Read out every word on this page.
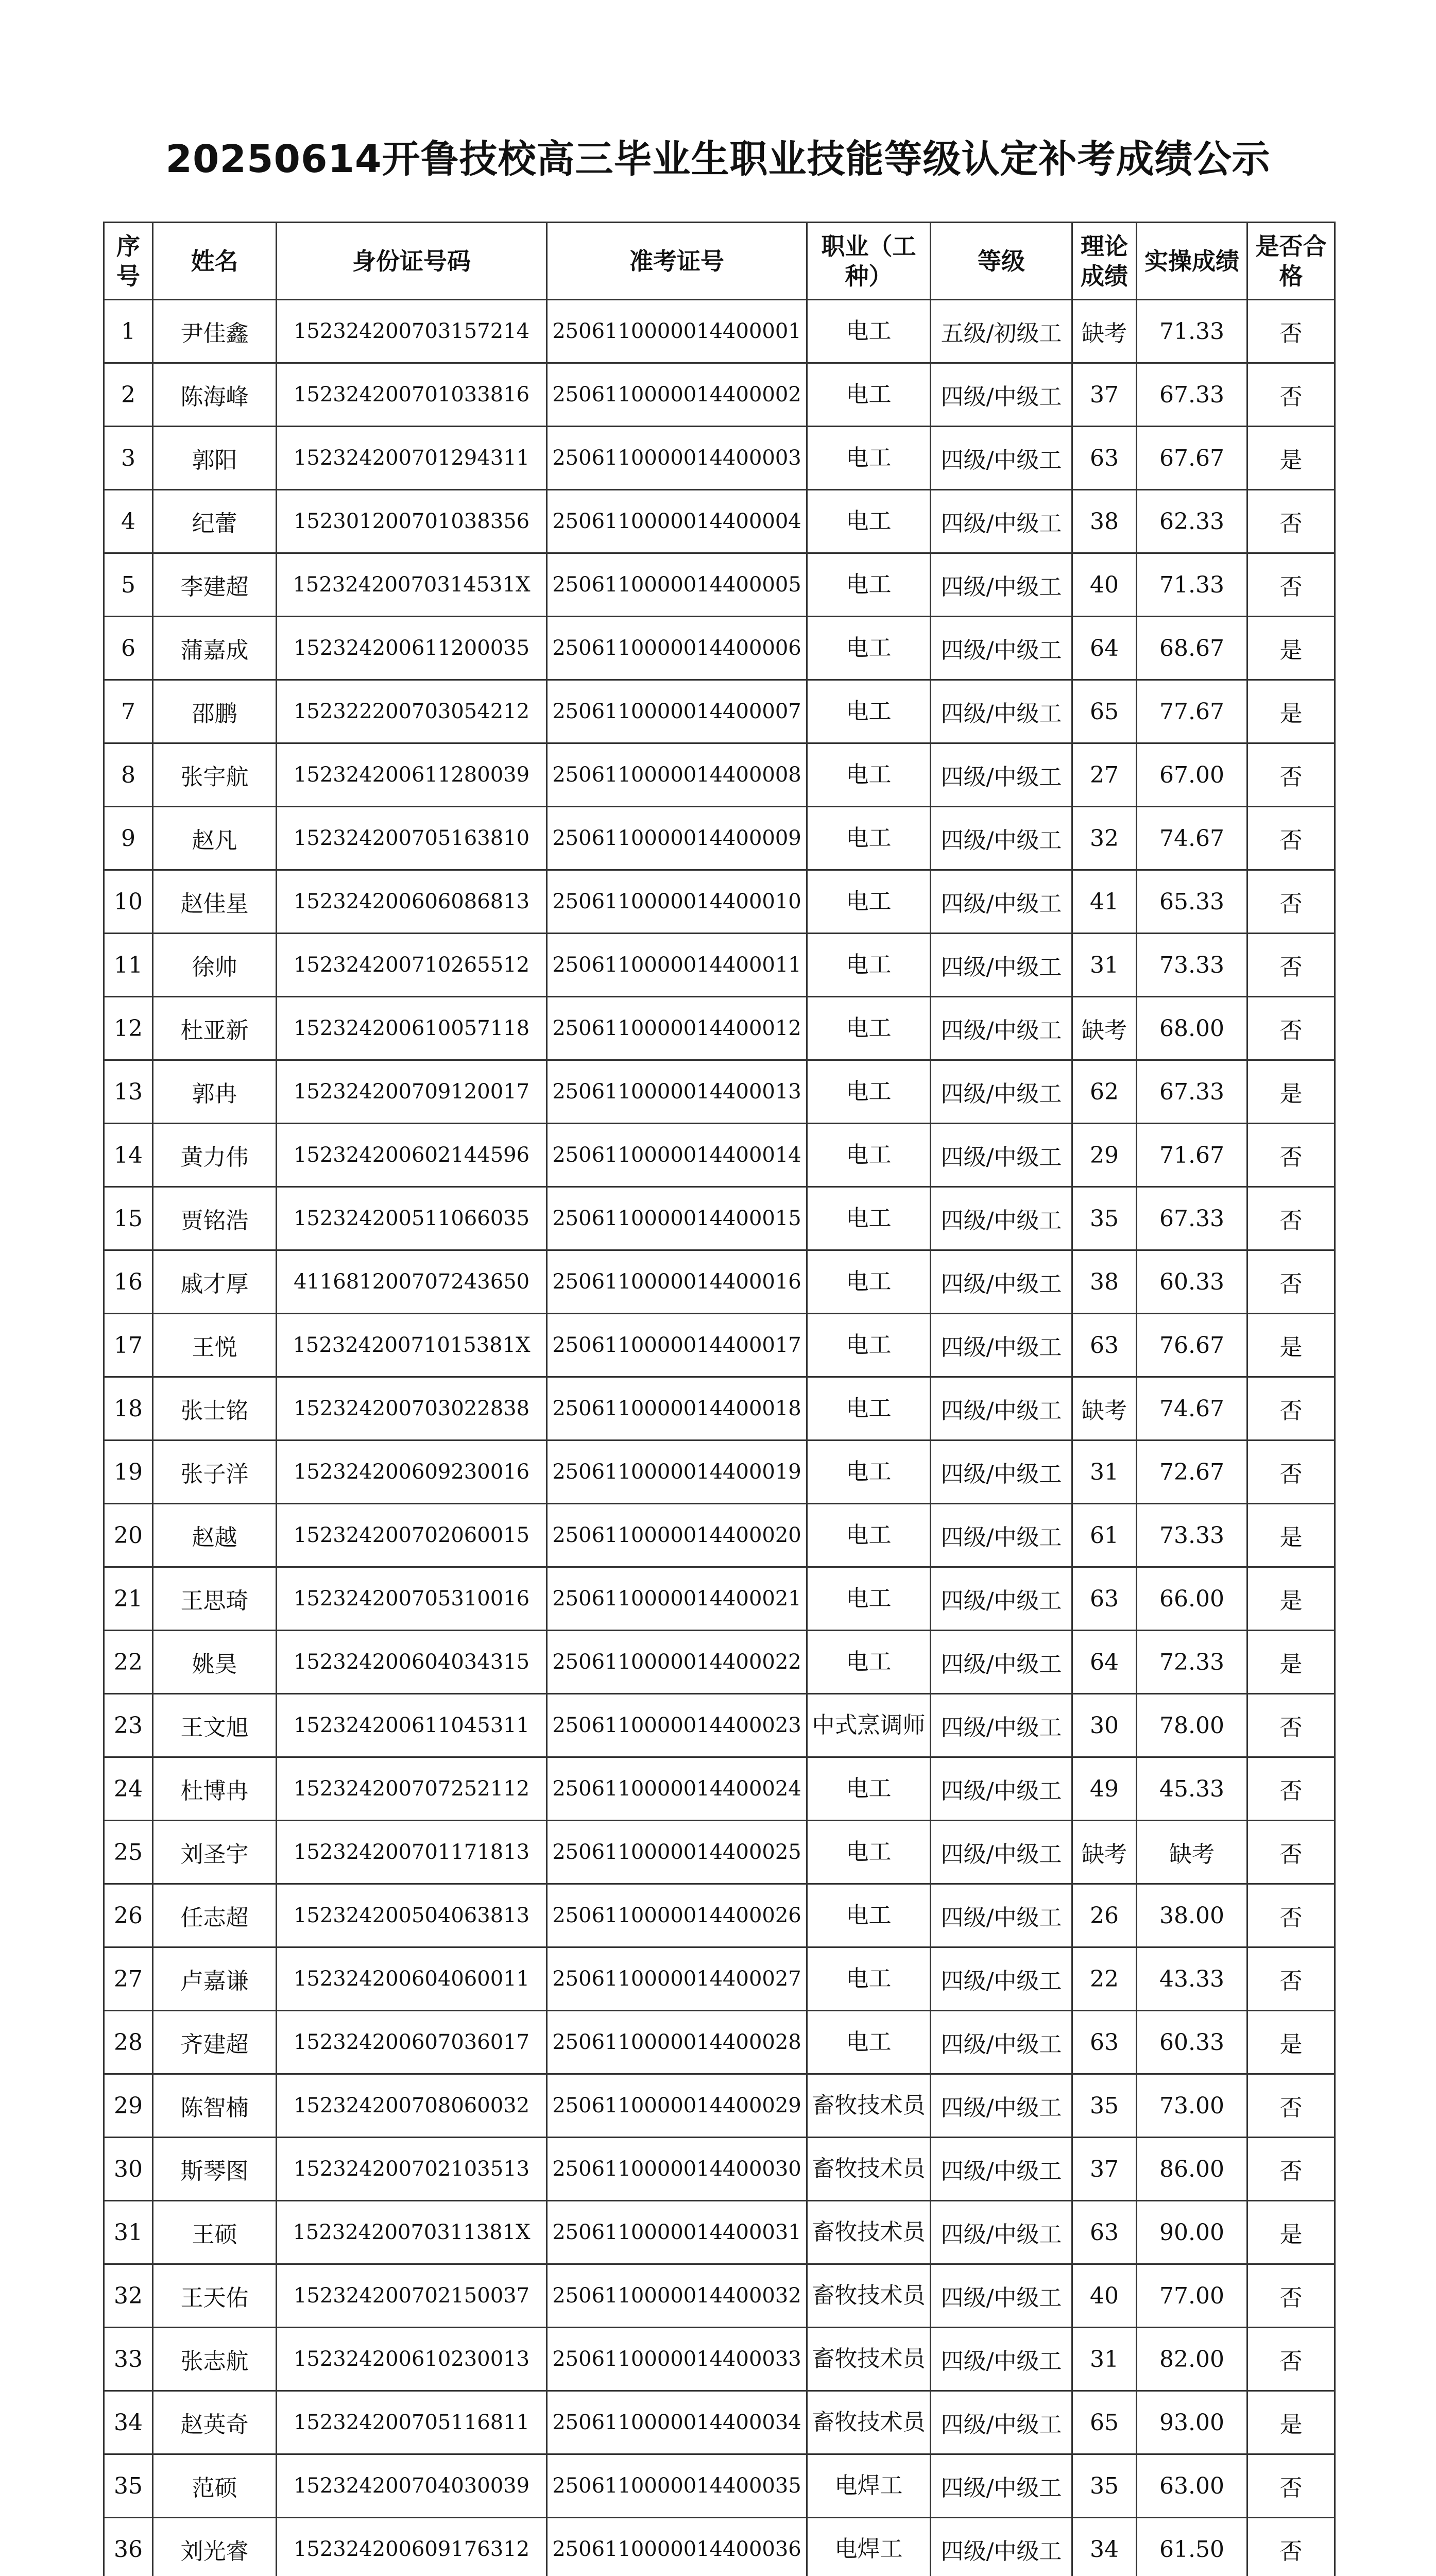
20250614开鲁技校高三毕业生职业技能等级认定补考成绩公示
序号	姓名	身份证号码	准考证号	职业（工种）	等级	理论成绩	实操成绩	是否合格
1	尹佳鑫	152324200703157214	2506110000014400001	电工	五级/初级工	缺考	71.33	否
2	陈海峰	152324200701033816	2506110000014400002	电工	四级/中级工	37	67.33	否
3	郭阳	152324200701294311	2506110000014400003	电工	四级/中级工	63	67.67	是
4	纪蕾	152301200701038356	2506110000014400004	电工	四级/中级工	38	62.33	否
5	李建超	15232420070314531X	2506110000014400005	电工	四级/中级工	40	71.33	否
6	蒲嘉成	152324200611200035	2506110000014400006	电工	四级/中级工	64	68.67	是
7	邵鹏	152322200703054212	2506110000014400007	电工	四级/中级工	65	77.67	是
8	张宇航	152324200611280039	2506110000014400008	电工	四级/中级工	27	67.00	否
9	赵凡	152324200705163810	2506110000014400009	电工	四级/中级工	32	74.67	否
10	赵佳星	152324200606086813	2506110000014400010	电工	四级/中级工	41	65.33	否
11	徐帅	152324200710265512	2506110000014400011	电工	四级/中级工	31	73.33	否
12	杜亚新	152324200610057118	2506110000014400012	电工	四级/中级工	缺考	68.00	否
13	郭冉	152324200709120017	2506110000014400013	电工	四级/中级工	62	67.33	是
14	黄力伟	152324200602144596	2506110000014400014	电工	四级/中级工	29	71.67	否
15	贾铭浩	152324200511066035	2506110000014400015	电工	四级/中级工	35	67.33	否
16	戚才厚	411681200707243650	2506110000014400016	电工	四级/中级工	38	60.33	否
17	王悦	15232420071015381X	2506110000014400017	电工	四级/中级工	63	76.67	是
18	张士铭	152324200703022838	2506110000014400018	电工	四级/中级工	缺考	74.67	否
19	张子洋	152324200609230016	2506110000014400019	电工	四级/中级工	31	72.67	否
20	赵越	152324200702060015	2506110000014400020	电工	四级/中级工	61	73.33	是
21	王思琦	152324200705310016	2506110000014400021	电工	四级/中级工	63	66.00	是
22	姚昊	152324200604034315	2506110000014400022	电工	四级/中级工	64	72.33	是
23	王文旭	152324200611045311	2506110000014400023	中式烹调师	四级/中级工	30	78.00	否
24	杜博冉	152324200707252112	2506110000014400024	电工	四级/中级工	49	45.33	否
25	刘圣宇	152324200701171813	2506110000014400025	电工	四级/中级工	缺考	缺考	否
26	任志超	152324200504063813	2506110000014400026	电工	四级/中级工	26	38.00	否
27	卢嘉谦	152324200604060011	2506110000014400027	电工	四级/中级工	22	43.33	否
28	齐建超	152324200607036017	2506110000014400028	电工	四级/中级工	63	60.33	是
29	陈智楠	152324200708060032	2506110000014400029	畜牧技术员	四级/中级工	35	73.00	否
30	斯琴图	152324200702103513	2506110000014400030	畜牧技术员	四级/中级工	37	86.00	否
31	王硕	15232420070311381X	2506110000014400031	畜牧技术员	四级/中级工	63	90.00	是
32	王天佑	152324200702150037	2506110000014400032	畜牧技术员	四级/中级工	40	77.00	否
33	张志航	152324200610230013	2506110000014400033	畜牧技术员	四级/中级工	31	82.00	否
34	赵英奇	152324200705116811	2506110000014400034	畜牧技术员	四级/中级工	65	93.00	是
35	范硕	152324200704030039	2506110000014400035	电焊工	四级/中级工	35	63.00	否
36	刘光睿	152324200609176312	2506110000014400036	电焊工	四级/中级工	34	61.50	否
